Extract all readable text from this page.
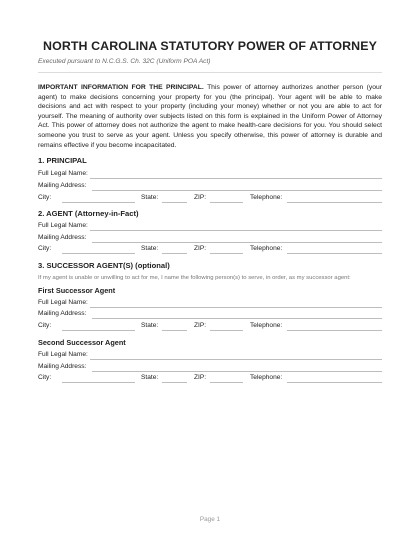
NORTH CAROLINA STATUTORY POWER OF ATTORNEY
Executed pursuant to N.C.G.S. Ch. 32C (Uniform POA Act)
IMPORTANT INFORMATION FOR THE PRINCIPAL. This power of attorney authorizes another person (your agent) to make decisions concerning your property for you (the principal). Your agent will be able to make decisions and act with respect to your property (including your money) whether or not you are able to act for yourself. The meaning of authority over subjects listed on this form is explained in the Uniform Power of Attorney Act. This power of attorney does not authorize the agent to make health-care decisions for you. You should select someone you trust to serve as your agent. Unless you specify otherwise, this power of attorney is durable and remains effective if you become incapacitated.
1. PRINCIPAL
Full Legal Name:
Mailing Address:
City:	State:	ZIP:	Telephone:
2. AGENT (Attorney-in-Fact)
Full Legal Name:
Mailing Address:
City:	State:	ZIP:	Telephone:
3. SUCCESSOR AGENT(S) (optional)
If my agent is unable or unwilling to act for me, I name the following person(s) to serve, in order, as my successor agent:
First Successor Agent
Full Legal Name:
Mailing Address:
City:	State:	ZIP:	Telephone:
Second Successor Agent
Full Legal Name:
Mailing Address:
City:	State:	ZIP:	Telephone:
Page 1
